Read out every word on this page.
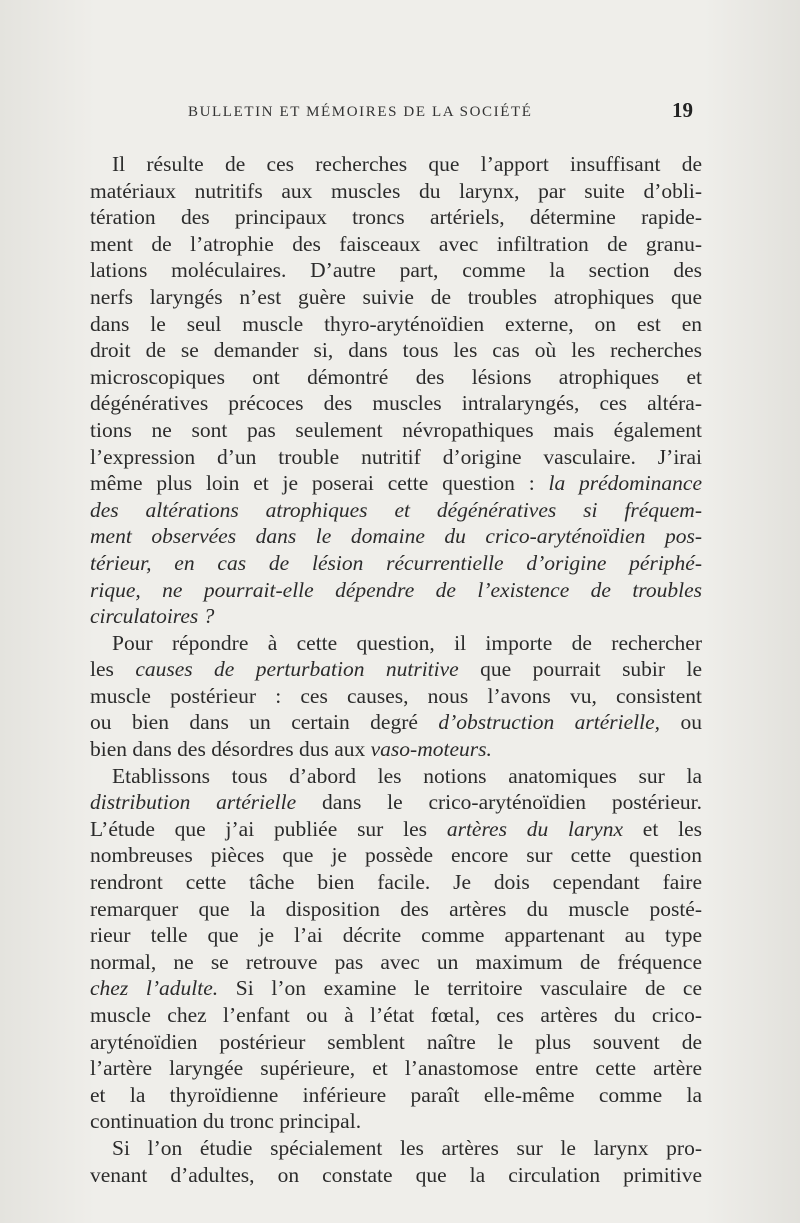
BULLETIN ET MÉMOIRES DE LA SOCIÉTÉ	19
Il résulte de ces recherches que l’apport insuffisant de
matériaux nutritifs aux muscles du larynx, par suite d’obli-
tération des principaux troncs artériels, détermine rapide-
ment de l’atrophie des faisceaux avec infiltration de granu-
lations moléculaires. D’autre part, comme la section des
nerfs laryngés n’est guère suivie de troubles atrophiques que
dans le seul muscle thyro-aryténoïdien externe, on est en
droit de se demander si, dans tous les cas où les recherches
microscopiques ont démontré des lésions atrophiques et
dégénératives précoces des muscles intralaryngés, ces altéra-
tions ne sont pas seulement névropathiques mais également
l’expression d’un trouble nutritif d’origine vasculaire. J’irai
même plus loin et je poserai cette question : la prédominance
des altérations atrophiques et dégénératives si fréquem-
ment observées dans le domaine du crico-aryténoïdien pos-
térieur, en cas de lésion récurrentielle d’origine périphé-
rique, ne pourrait-elle dépendre de l’existence de troubles
circulatoires ?
Pour répondre à cette question, il importe de rechercher
les causes de perturbation nutritive que pourrait subir le
muscle postérieur : ces causes, nous l’avons vu, consistent
ou bien dans un certain degré d’obstruction artérielle, ou
bien dans des désordres dus aux vaso-moteurs.
Etablissons tous d’abord les notions anatomiques sur la
distribution artérielle dans le crico-aryténoïdien postérieur.
L’étude que j’ai publiée sur les artères du larynx et les
nombreuses pièces que je possède encore sur cette question
rendront cette tâche bien facile. Je dois cependant faire
remarquer que la disposition des artères du muscle posté-
rieur telle que je l’ai décrite comme appartenant au type
normal, ne se retrouve pas avec un maximum de fréquence
chez l’adulte. Si l’on examine le territoire vasculaire de ce
muscle chez l’enfant ou à l’état fœtal, ces artères du crico-
aryténoïdien postérieur semblent naître le plus souvent de
l’artère laryngée supérieure, et l’anastomose entre cette artère
et la thyroïdienne inférieure paraît elle-même comme la
continuation du tronc principal.
Si l’on étudie spécialement les artères sur le larynx pro-
venant d’adultes, on constate que la circulation primitive
